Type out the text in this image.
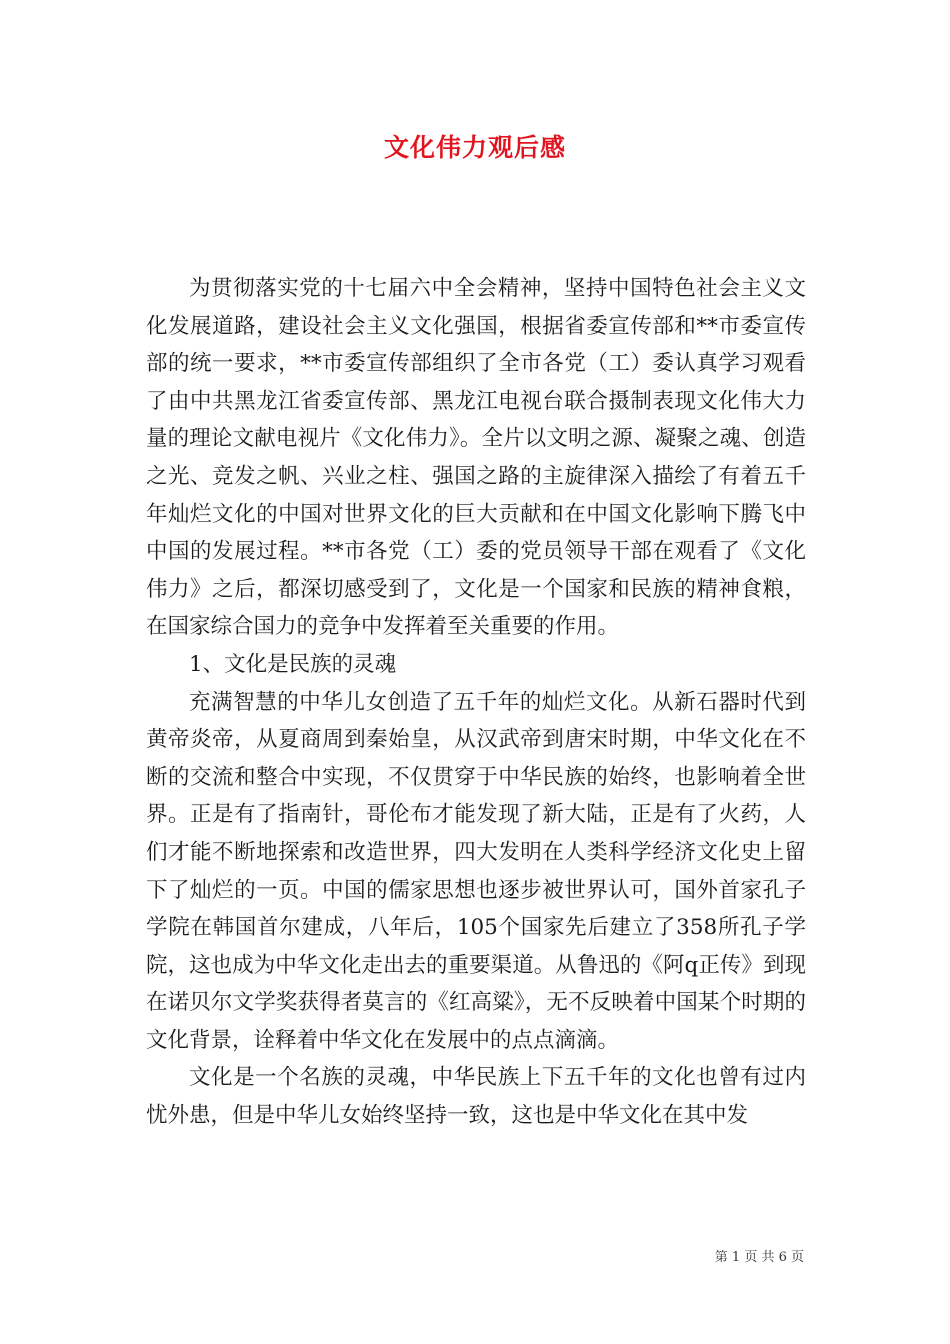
文化伟力观后感

为贯彻落实党的十七届六中全会精神，坚持中国特色社会主义文化发展道路，建设社会主义文化强国，根据省委宣传部和**市委宣传部的统一要求，**市委宣传部组织了全市各党（工）委认真学习观看了由中共黑龙江省委宣传部、黑龙江电视台联合摄制表现文化伟大力量的理论文献电视片《文化伟力》。全片以文明之源、凝聚之魂、创造之光、竞发之帆、兴业之柱、强国之路的主旋律深入描绘了有着五千年灿烂文化的中国对世界文化的巨大贡献和在中国文化影响下腾飞中中国的发展过程。**市各党（工）委的党员领导干部在观看了《文化伟力》之后，都深切感受到了，文化是一个国家和民族的精神食粮，在国家综合国力的竞争中发挥着至关重要的作用。

1、文化是民族的灵魂

充满智慧的中华儿女创造了五千年的灿烂文化。从新石器时代到黄帝炎帝，从夏商周到秦始皇，从汉武帝到唐宋时期，中华文化在不断的交流和整合中实现，不仅贯穿于中华民族的始终，也影响着全世界。正是有了指南针，哥伦布才能发现了新大陆，正是有了火药，人们才能不断地探索和改造世界，四大发明在人类科学经济文化史上留下了灿烂的一页。中国的儒家思想也逐步被世界认可，国外首家孔子学院在韩国首尔建成，八年后，105个国家先后建立了358所孔子学院，这也成为中华文化走出去的重要渠道。从鲁迅的《阿q正传》到现在诺贝尔文学奖获得者莫言的《红高粱》，无不反映着中国某个时期的文化背景，诠释着中华文化在发展中的点点滴滴。

文化是一个名族的灵魂，中华民族上下五千年的文化也曾有过内忧外患，但是中华儿女始终坚持一致，这也是中华文化在其中发

第 1 页 共 6 页
